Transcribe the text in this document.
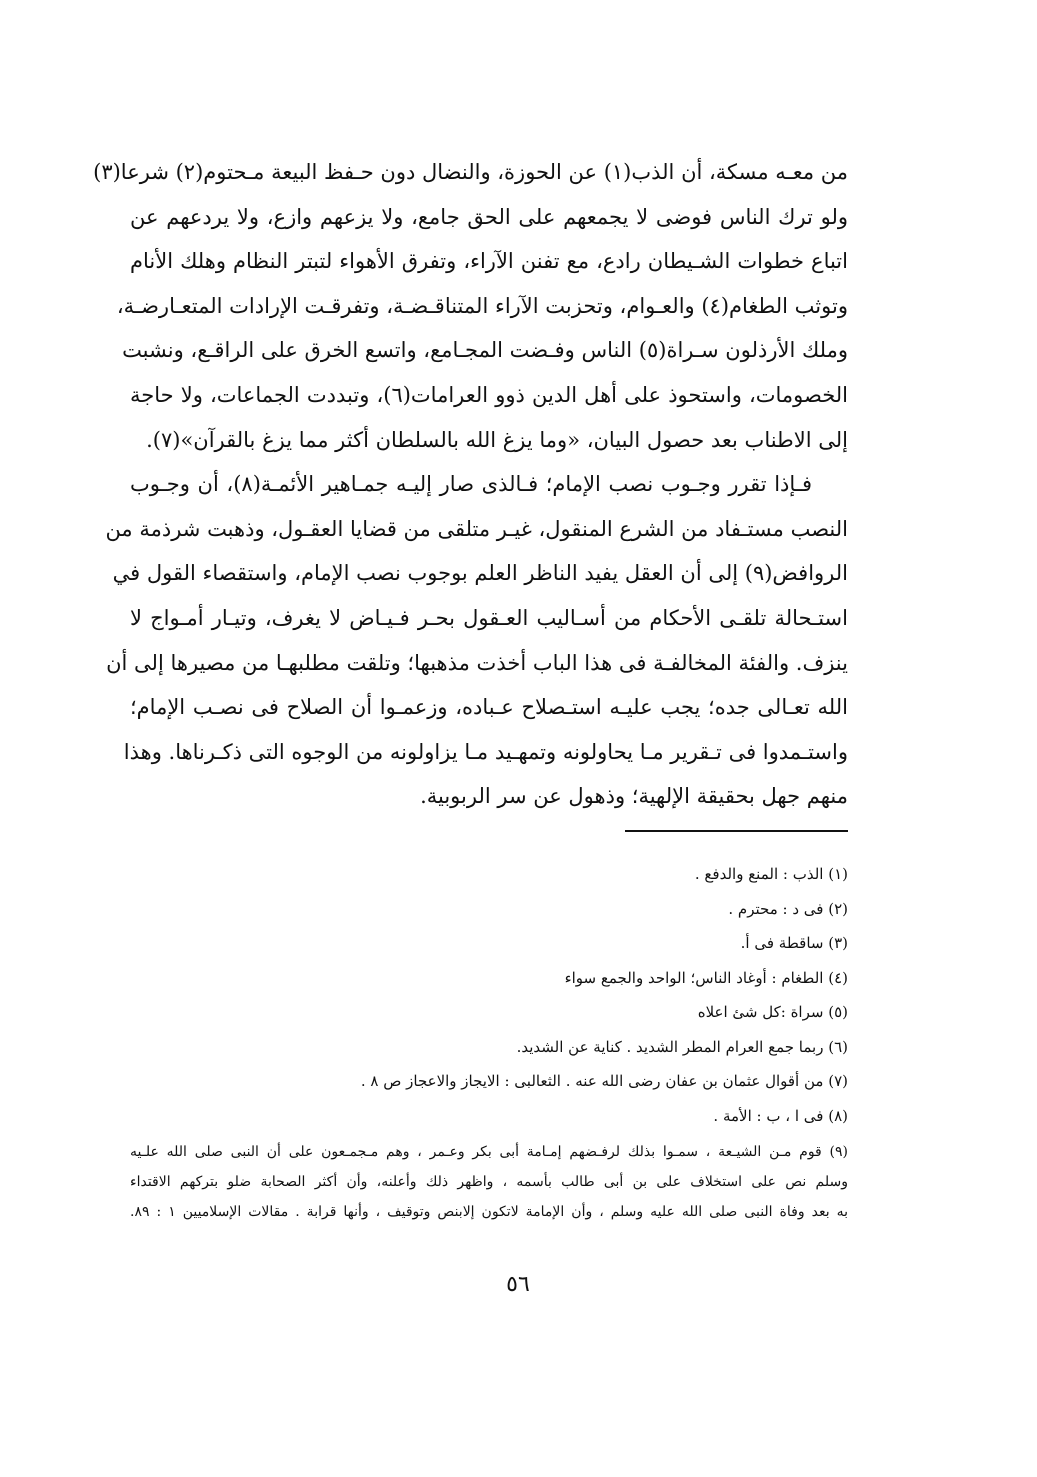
من معـه مسكة، أن الذب(١) عن الحوزة، والنضال دون حـفظ البيعة مـحتوم(٢) شرعا(٣)
ولو ترك الناس فوضى لا يجمعهم على الحق جامع، ولا يزعهم وازع، ولا يردعهم عن
اتباع خطوات الشـيطان رادع، مع تفنن الآراء، وتفرق الأهواء لتبتر النظام وهلك الأنام
وتوثب الطغام(٤) والعـوام، وتحزبت الآراء المتناقـضـة، وتفرقـت الإرادات المتعـارضـة،
وملك الأرذلون سـراة(٥) الناس وفـضت المجـامع، واتسع الخرق على الراقـع، ونشبت
الخصومات، واستحوذ على أهل الدين ذوو العرامات(٦)، وتبددت الجماعات، ولا حاجة
إلى الاطناب بعد حصول البيان، «وما يزغ الله بالسلطان أكثر مما يزغ بالقرآن»(٧).
فـإذا تقرر وجـوب نصب الإمام؛ فـالذى صار إليـه جمـاهير الأئمـة(٨)، أن وجـوب
النصب مستـفاد من الشرع المنقول، غيـر متلقى من قضايا العقـول، وذهبت شرذمة من
الروافض(٩) إلى أن العقل يفيد الناظر العلم بوجوب نصب الإمام، واستقصاء القول في
استـحالة تلقـى الأحكام من أسـاليب العـقول بحـر فـيـاض لا يغرف، وتيـار أمـواج لا
ينزف. والفئة المخالفـة فى هذا الباب أخذت مذهبها؛ وتلقت مطلبهـا من مصيرها إلى أن
الله تعـالى جده؛ يجب عليـه استـصلاح عـباده، وزعمـوا أن الصلاح فى نصـب الإمام؛
واستـمدوا فى تـقرير مـا يحاولونه وتمهـيد مـا يزاولونه من الوجوه التى ذكـرناها. وهذا
منهم جهل بحقيقة الإلهية؛ وذهول عن سر الربوبية.
(١) الذب : المنع والدفع .
(٢) فى د : محترم .
(٣) ساقطة فى أ.
(٤) الطغام : أوغاد الناس؛ الواحد والجمع سواء
(٥) سراة :كل شئ اعلاه
(٦) ربما جمع العرام المطر الشديد . كناية عن الشديد.
(٧) من أقوال عثمان بن عفان رضى الله عنه . الثعالبى : الايجاز والاعجاز ص ٨ .
(٨) فى ا ، ب : الأمة .
(٩) قوم مـن الشيـعة ، سمـوا بذلك لرفـضهم إمـامة أبى بكر وعـمر ، وهم مـجمـعون على أن النبى صلى الله علـيه
وسلم نص على استخلاف على بن أبى طالب بأسمه ، واظهر ذلك وأعلنه، وأن أكثر الصحابة ضلو بتركهم الاقتداء
به بعد وفاة النبى صلى الله عليه وسلم ، وأن الإمامة لاتكون إلابنص وتوقيف ، وأنها قرابة . مقالات الإسلاميين ١ : ٨٩.
٥٦
